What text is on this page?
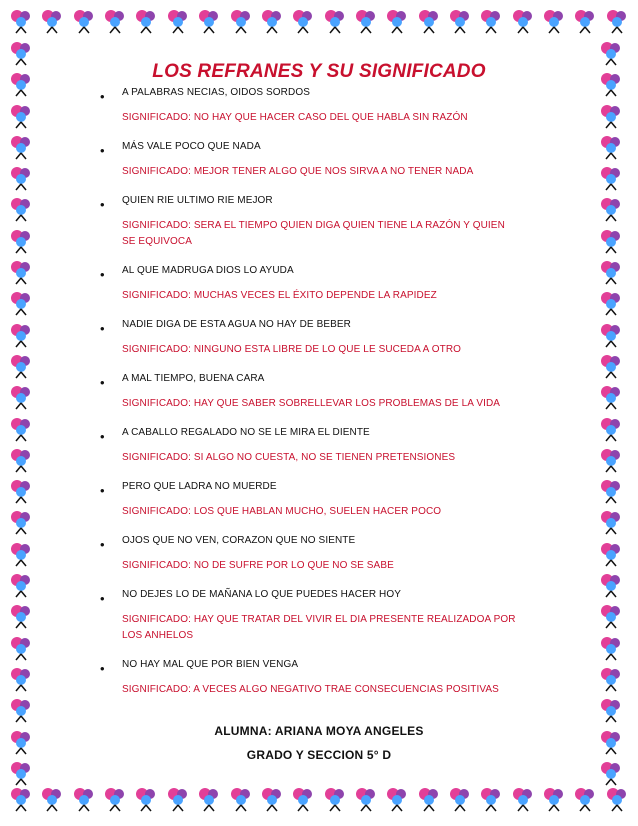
LOS REFRANES Y SU SIGNIFICADO
• A PALABRAS NECIAS, OIDOS SORDOS
SIGNIFICADO: NO HAY QUE HACER CASO DEL QUE HABLA SIN RAZÓN
• MÁS VALE POCO QUE NADA
SIGNIFICADO: MEJOR TENER ALGO QUE NOS SIRVA A NO TENER NADA
• QUIEN RIE ULTIMO RIE MEJOR
SIGNIFICADO: SERA EL TIEMPO QUIEN DIGA QUIEN TIENE LA RAZÓN Y QUIEN SE EQUIVOCA
• AL QUE MADRUGA DIOS LO AYUDA
SIGNIFICADO: MUCHAS VECES EL ÉXITO DEPENDE LA RAPIDEZ
• NADIE DIGA DE ESTA AGUA NO HAY DE BEBER
SIGNIFICADO: NINGUNO ESTA LIBRE DE LO QUE LE SUCEDA A OTRO
• A MAL TIEMPO, BUENA CARA
SIGNIFICADO: HAY QUE SABER SOBRELLEVAR LOS PROBLEMAS DE LA VIDA
• A CABALLO REGALADO NO SE LE MIRA EL DIENTE
SIGNIFICADO: SI ALGO NO CUESTA, NO SE TIENEN PRETENSIONES
• PERO QUE LADRA NO MUERDE
SIGNIFICADO: LOS QUE HABLAN MUCHO, SUELEN HACER POCO
• OJOS QUE NO VEN, CORAZON QUE NO SIENTE
SIGNIFICADO: NO DE SUFRE POR LO QUE NO SE SABE
• NO DEJES LO DE MAÑANA LO QUE PUEDES HACER HOY
SIGNIFICADO: HAY QUE TRATAR DEL VIVIR EL DIA PRESENTE REALIZADOA POR LOS ANHELOS
• NO HAY MAL QUE POR BIEN VENGA
SIGNIFICADO: A VECES ALGO NEGATIVO TRAE CONSECUENCIAS POSITIVAS
ALUMNA: ARIANA MOYA ANGELES
GRADO Y SECCION 5° D
